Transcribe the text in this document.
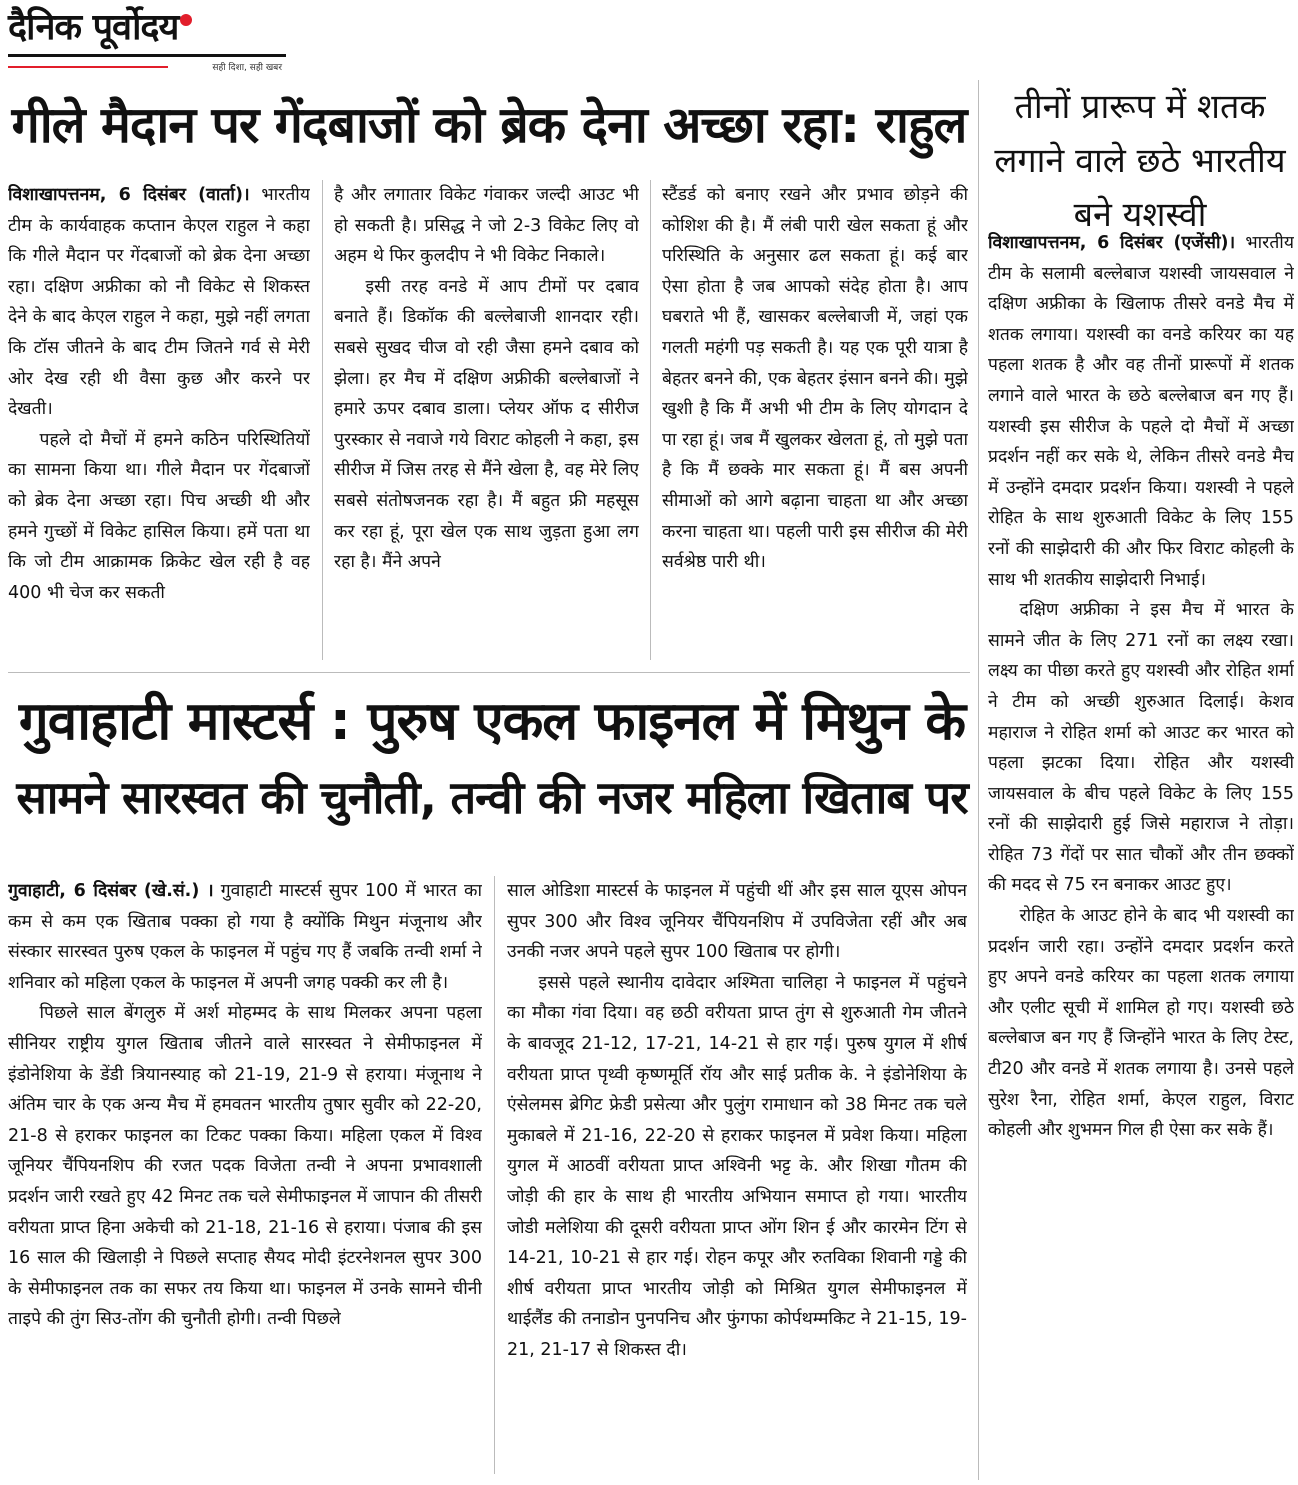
दैनिक पूर्वोदय
सही दिशा, सही खबर
गीले मैदान पर गेंदबाजों को ब्रेक देना अच्छा रहा: राहुल

विशाखापत्तनम, 6 दिसंबर (वार्ता)। भारतीय टीम के कार्यवाहक कप्तान केएल राहुल ने कहा कि गीले मैदान पर गेंदबाजों को ब्रेक देना अच्छा रहा। दक्षिण अफ्रीका को नौ विकेट से शिकस्त देने के बाद केएल राहुल ने कहा, मुझे नहीं लगता कि टॉस जीतने के बाद टीम जितने गर्व से मेरी ओर देख रही थी वैसा कुछ और करने पर देखती।

पहले दो मैचों में हमने कठिन परिस्थितियों का सामना किया था। गीले मैदान पर गेंदबाजों को ब्रेक देना अच्छा रहा। पिच अच्छी थी और हमने गुच्छों में विकेट हासिल किया। हमें पता था कि जो टीम आक्रामक क्रिकेट खेल रही है वह 400 भी चेज कर सकती

है और लगातार विकेट गंवाकर जल्दी आउट भी हो सकती है। प्रसिद्ध ने जो 2-3 विकेट लिए वो अहम थे फिर कुलदीप ने भी विकेट निकाले।

इसी तरह वनडे में आप टीमों पर दबाव बनाते हैं। डिकॉक की बल्लेबाजी शानदार रही। सबसे सुखद चीज वो रही जैसा हमने दबाव को झेला। हर मैच में दक्षिण अफ्रीकी बल्लेबाजों ने हमारे ऊपर दबाव डाला। प्लेयर ऑफ द सीरीज पुरस्कार से नवाजे गये विराट कोहली ने कहा, इस सीरीज में जिस तरह से मैंने खेला है, वह मेरे लिए सबसे संतोषजनक रहा है। मैं बहुत फ्री महसूस कर रहा हूं, पूरा खेल एक साथ जुड़ता हुआ लग रहा है। मैंने अपने

स्टैंडर्ड को बनाए रखने और प्रभाव छोड़ने की कोशिश की है। मैं लंबी पारी खेल सकता हूं और परिस्थिति के अनुसार ढल सकता हूं। कई बार ऐसा होता है जब आपको संदेह होता है। आप घबराते भी हैं, खासकर बल्लेबाजी में, जहां एक गलती महंगी पड़ सकती है। यह एक पूरी यात्रा है बेहतर बनने की, एक बेहतर इंसान बनने की। मुझे खुशी है कि मैं अभी भी टीम के लिए योगदान दे पा रहा हूं। जब मैं खुलकर खेलता हूं, तो मुझे पता है कि मैं छक्के मार सकता हूं। मैं बस अपनी सीमाओं को आगे बढ़ाना चाहता था और अच्छा करना चाहता था। पहली पारी इस सीरीज की मेरी सर्वश्रेष्ठ पारी थी।

गुवाहाटी मास्टर्स : पुरुष एकल फाइनल में मिथुन के
सामने सारस्वत की चुनौती, तन्वी की नजर महिला खिताब पर

गुवाहाटी, 6 दिसंबर (खे.सं.) । गुवाहाटी मास्टर्स सुपर 100 में भारत का कम से कम एक खिताब पक्का हो गया है क्योंकि मिथुन मंजूनाथ और संस्कार सारस्वत पुरुष एकल के फाइनल में पहुंच गए हैं जबकि तन्वी शर्मा ने शनिवार को महिला एकल के फाइनल में अपनी जगह पक्की कर ली है।

पिछले साल बेंगलुरु में अर्श मोहम्मद के साथ मिलकर अपना पहला सीनियर राष्ट्रीय युगल खिताब जीतने वाले सारस्वत ने सेमीफाइनल में इंडोनेशिया के डेंडी त्रियानस्याह को 21-19, 21-9 से हराया। मंजूनाथ ने अंतिम चार के एक अन्य मैच में हमवतन भारतीय तुषार सुवीर को 22-20, 21-8 से हराकर फाइनल का टिकट पक्का किया। महिला एकल में विश्व जूनियर चैंपियनशिप की रजत पदक विजेता तन्वी ने अपना प्रभावशाली प्रदर्शन जारी रखते हुए 42 मिनट तक चले सेमीफाइनल में जापान की तीसरी वरीयता प्राप्त हिना अकेची को 21-18, 21-16 से हराया। पंजाब की इस 16 साल की खिलाड़ी ने पिछले सप्ताह सैयद मोदी इंटरनेशनल सुपर 300 के सेमीफाइनल तक का सफर तय किया था। फाइनल में उनके सामने चीनी ताइपे की तुंग सिउ-तोंग की चुनौती होगी। तन्वी पिछले

साल ओडिशा मास्टर्स के फाइनल में पहुंची थीं और इस साल यूएस ओपन सुपर 300 और विश्व जूनियर चैंपियनशिप में उपविजेता रहीं और अब उनकी नजर अपने पहले सुपर 100 खिताब पर होगी।

इससे पहले स्थानीय दावेदार अश्मिता चालिहा ने फाइनल में पहुंचने का मौका गंवा दिया। वह छठी वरीयता प्राप्त तुंग से शुरुआती गेम जीतने के बावजूद 21-12, 17-21, 14-21 से हार गई। पुरुष युगल में शीर्ष वरीयता प्राप्त पृथ्वी कृष्णमूर्ति रॉय और साई प्रतीक के. ने इंडोनेशिया के एंसेलमस ब्रेगिट फ्रेडी प्रसेत्या और पुलुंग रामाधान को 38 मिनट तक चले मुकाबले में 21-16, 22-20 से हराकर फाइनल में प्रवेश किया। महिला युगल में आठवीं वरीयता प्राप्त अश्विनी भट्ट के. और शिखा गौतम की जोड़ी की हार के साथ ही भारतीय अभियान समाप्त हो गया। भारतीय जोडी मलेशिया की दूसरी वरीयता प्राप्त ओंग शिन ई और कारमेन टिंग से 14-21, 10-21 से हार गई। रोहन कपूर और रुतविका शिवानी गड्डे की शीर्ष वरीयता प्राप्त भारतीय जोड़ी को मिश्रित युगल सेमीफाइनल में थाईलैंड की तनाडोन पुनपनिच और फुंगफा कोर्पथम्मकिट ने 21-15, 19-21, 21-17 से शिकस्त दी।

तीनों प्रारूप में शतक लगाने वाले छठे भारतीय बने यशस्वी

विशाखापत्तनम, 6 दिसंबर (एजेंसी)। भारतीय टीम के सलामी बल्लेबाज यशस्वी जायसवाल ने दक्षिण अफ्रीका के खिलाफ तीसरे वनडे मैच में शतक लगाया। यशस्वी का वनडे करियर का यह पहला शतक है और वह तीनों प्रारूपों में शतक लगाने वाले भारत के छठे बल्लेबाज बन गए हैं। यशस्वी इस सीरीज के पहले दो मैचों में अच्छा प्रदर्शन नहीं कर सके थे, लेकिन तीसरे वनडे मैच में उन्होंने दमदार प्रदर्शन किया। यशस्वी ने पहले रोहित के साथ शुरुआती विकेट के लिए 155 रनों की साझेदारी की और फिर विराट कोहली के साथ भी शतकीय साझेदारी निभाई।

दक्षिण अफ्रीका ने इस मैच में भारत के सामने जीत के लिए 271 रनों का लक्ष्य रखा। लक्ष्य का पीछा करते हुए यशस्वी और रोहित शर्मा ने टीम को अच्छी शुरुआत दिलाई। केशव महाराज ने रोहित शर्मा को आउट कर भारत को पहला झटका दिया। रोहित और यशस्वी जायसवाल के बीच पहले विकेट के लिए 155 रनों की साझेदारी हुई जिसे महाराज ने तोड़ा। रोहित 73 गेंदों पर सात चौकों और तीन छक्कों की मदद से 75 रन बनाकर आउट हुए।

रोहित के आउट होने के बाद भी यशस्वी का प्रदर्शन जारी रहा। उन्होंने दमदार प्रदर्शन करते हुए अपने वनडे करियर का पहला शतक लगाया और एलीट सूची में शामिल हो गए। यशस्वी छठे बल्लेबाज बन गए हैं जिन्होंने भारत के लिए टेस्ट, टी20 और वनडे में शतक लगाया है। उनसे पहले सुरेश रैना, रोहित शर्मा, केएल राहुल, विराट कोहली और शुभमन गिल ही ऐसा कर सके हैं।
